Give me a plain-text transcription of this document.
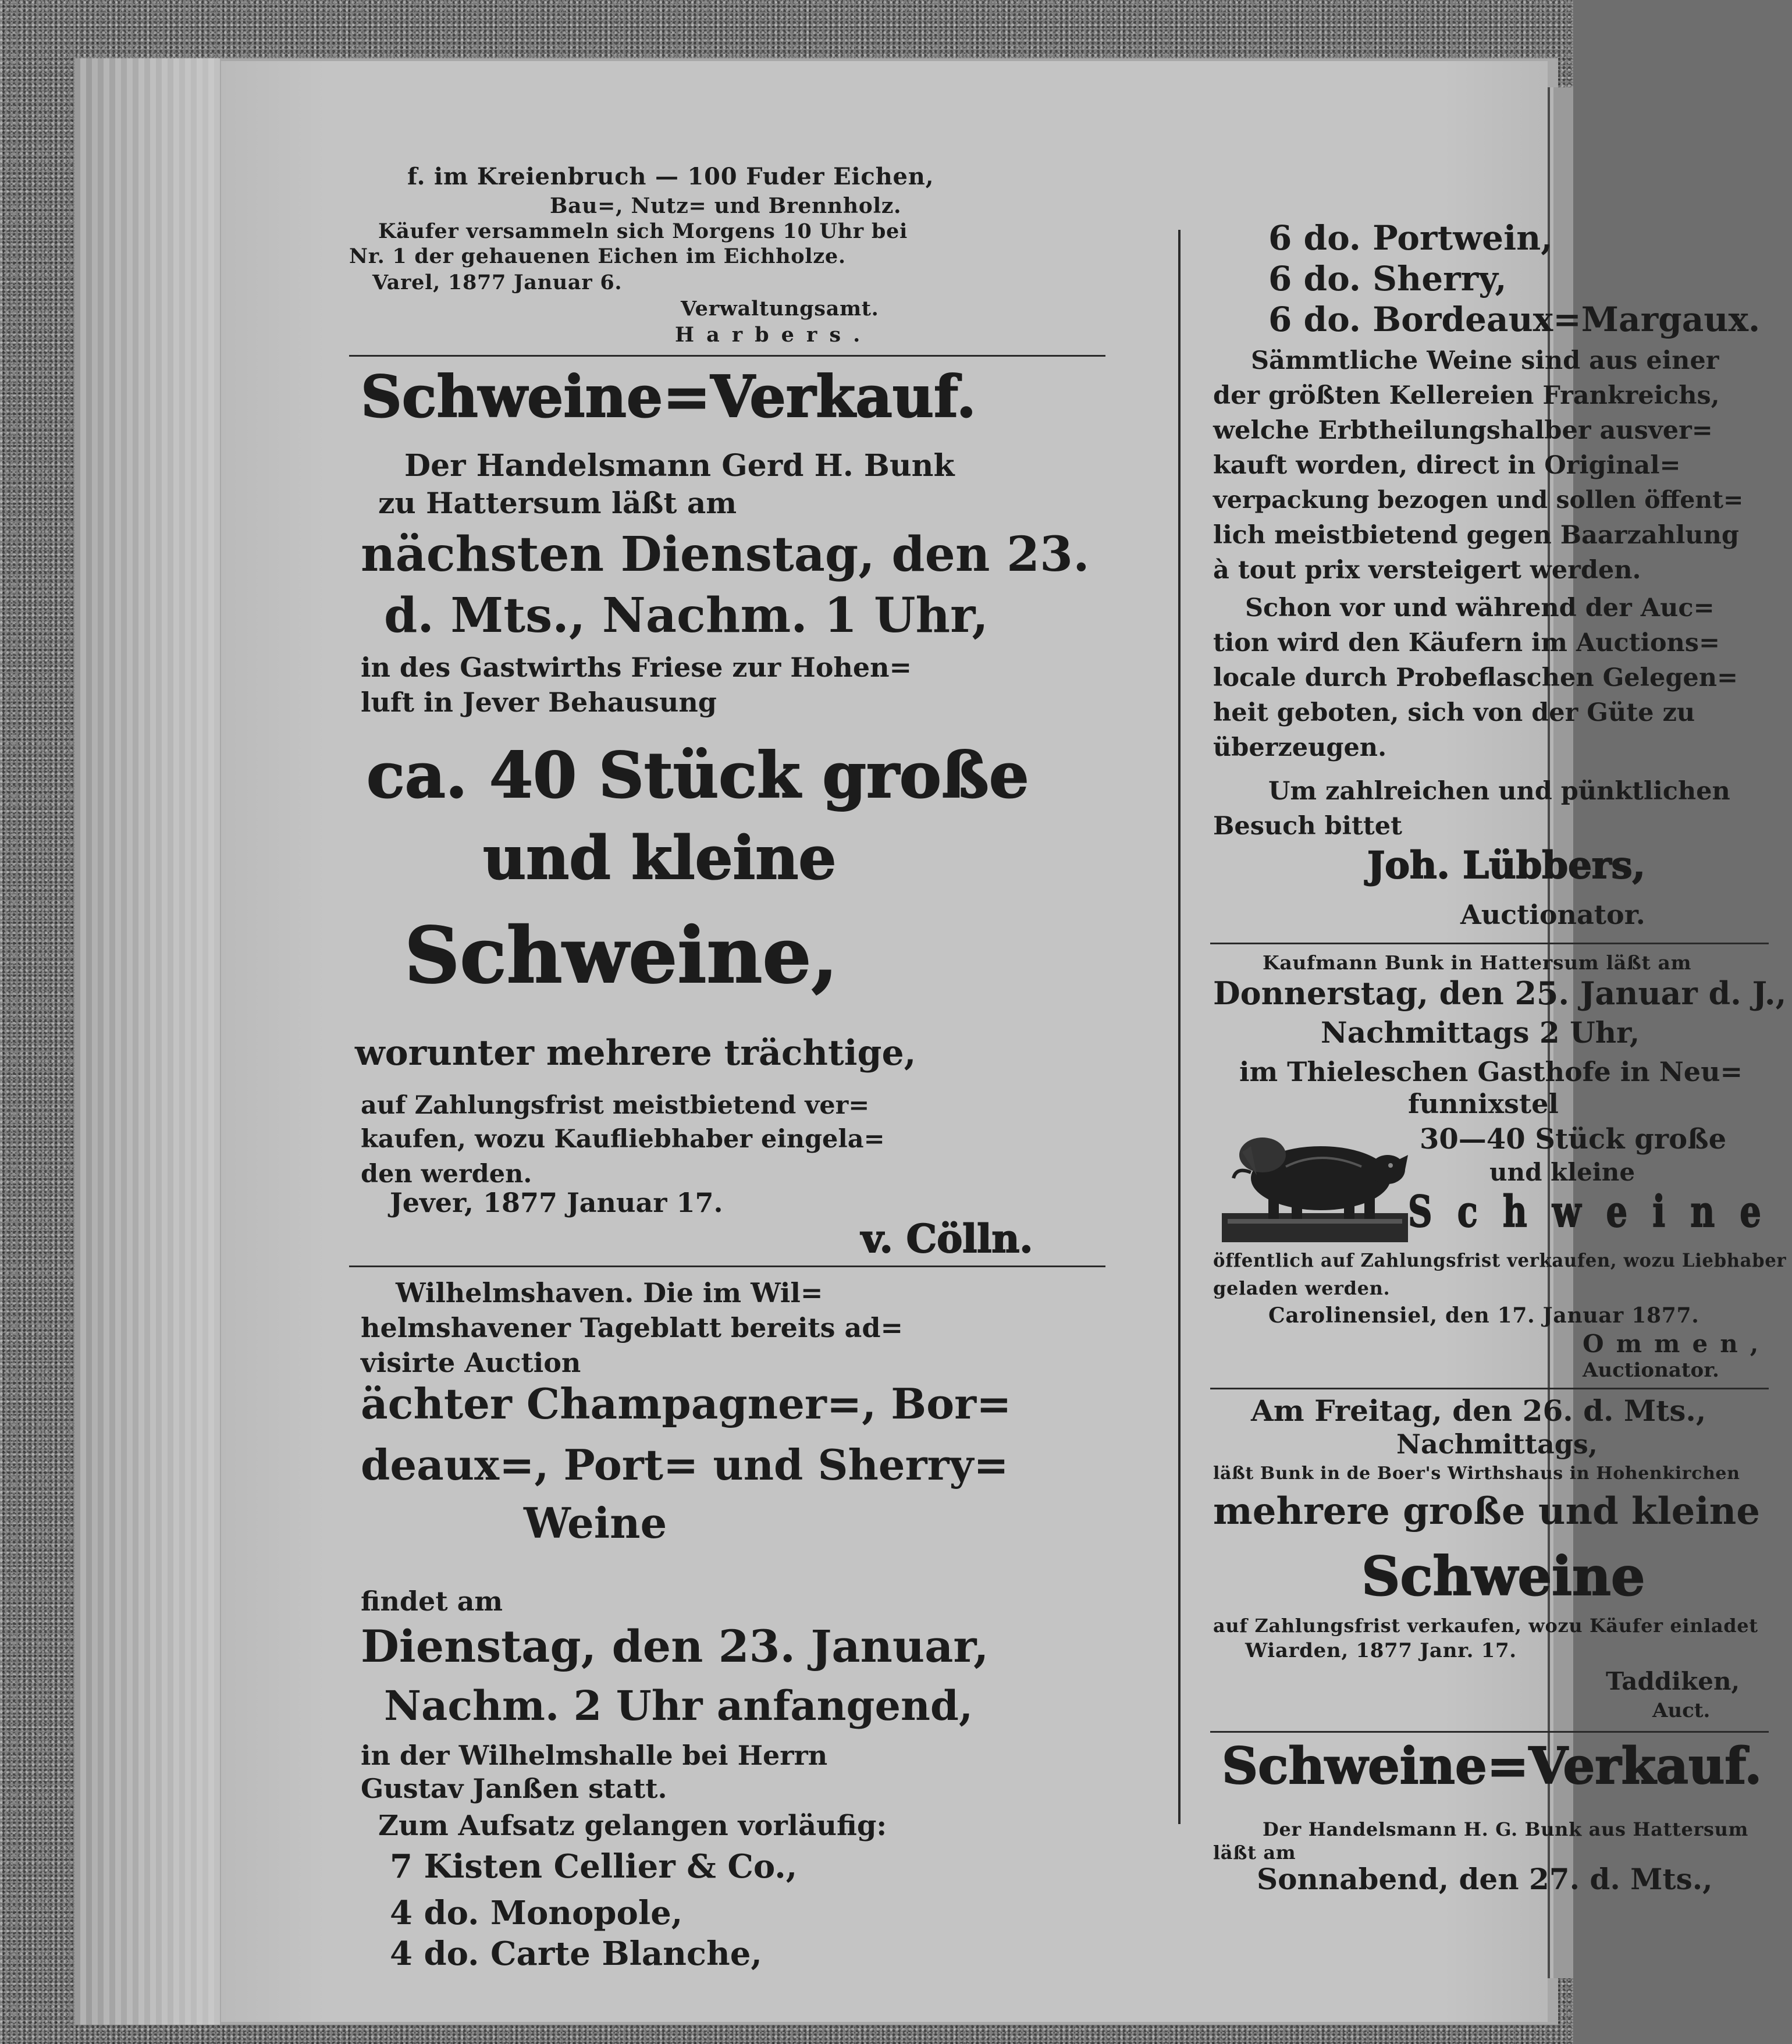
f. im Kreienbruch — 100 Fuder Eichen,
Bau=, Nutz= und Brennholz.
Käufer versammeln sich Morgens 10 Uhr bei
Nr. 1 der gehauenen Eichen im Eichholze.
Varel, 1877 Januar 6.
Verwaltungsamt.
Harbers.
Schweine=Verkauf.
Der Handelsmann Gerd H. Bunk
zu Hattersum läßt am
nächsten Dienstag, den 23.
d. Mts., Nachm. 1 Uhr,
in des Gastwirths Friese zur Hohen=
luft in Jever Behausung
ca. 40 Stück große
und kleine
Schweine,
worunter mehrere trächtige,
auf Zahlungsfrist meistbietend ver=
kaufen, wozu Kaufliebhaber eingela=
den werden.
Jever, 1877 Januar 17.
v. Cölln.
Wilhelmshaven. Die im Wil=
helmshavener Tageblatt bereits ad=
visirte Auction
ächter Champagner=, Bor=
deaux=, Port= und Sherry=
Weine
findet am
Dienstag, den 23. Januar,
Nachm. 2 Uhr anfangend,
in der Wilhelmshalle bei Herrn
Gustav Janßen statt.
Zum Aufsatz gelangen vorläufig:
7 Kisten Cellier & Co.,
4 do. Monopole,
4 do. Carte Blanche,
6 do. Portwein,
6 do. Sherry,
6 do. Bordeaux=Margaux.
Sämmtliche Weine sind aus einer
der größten Kellereien Frankreichs,
welche Erbtheilungshalber ausver=
kauft worden, direct in Original=
verpackung bezogen und sollen öffent=
lich meistbietend gegen Baarzahlung
à tout prix versteigert werden.
Schon vor und während der Auc=
tion wird den Käufern im Auctions=
locale durch Probeflaschen Gelegen=
heit geboten, sich von der Güte zu
überzeugen.
Um zahlreichen und pünktlichen
Besuch bittet
Joh. Lübbers,
Auctionator.
Kaufmann Bunk in Hattersum läßt am
Donnerstag, den 25. Januar d. J.,
Nachmittags 2 Uhr,
im Thieleschen Gasthofe in Neu=
funnixstel
30—40 Stück große
und kleine
Schweine
öffentlich auf Zahlungsfrist verkaufen, wozu Liebhaber
geladen werden.
Carolinensiel, den 17. Januar 1877.
Ommen,
Auctionator.
Am Freitag, den 26. d. Mts.,
Nachmittags,
läßt Bunk in de Boer's Wirthshaus in Hohenkirchen
mehrere große und kleine
Schweine
auf Zahlungsfrist verkaufen, wozu Käufer einladet
Wiarden, 1877 Janr. 17.
Taddiken,
Auct.
Schweine=Verkauf.
Der Handelsmann H. G. Bunk aus Hattersum
läßt am
Sonnabend, den 27. d. Mts.,
